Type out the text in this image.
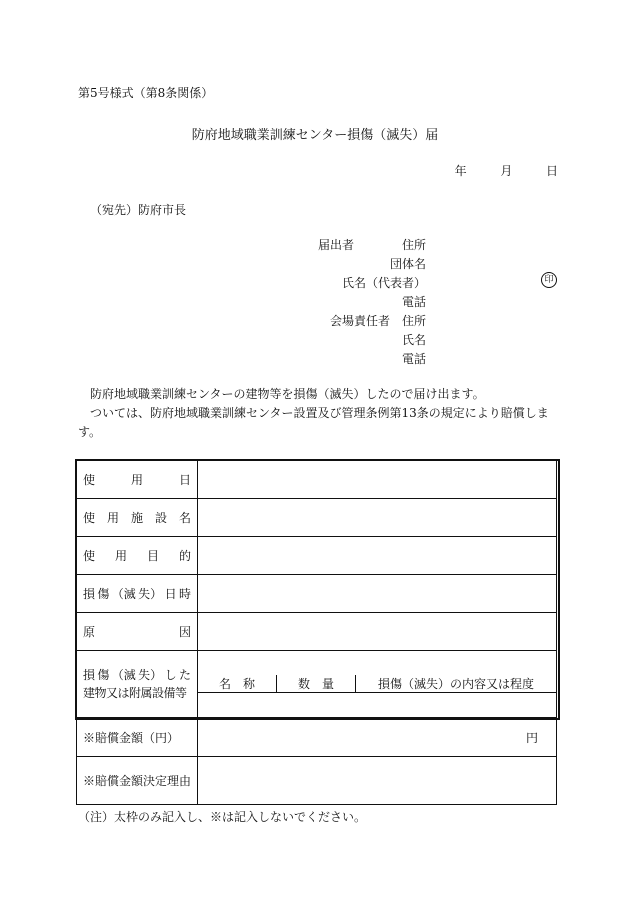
第5号様式（第8条関係）
防府地域職業訓練センター損傷（滅失）届
年	月	日
（宛先）防府市長
届出者	住所
団体名
氏名（代表者）	印
電話
会場責任者 住所
氏名
電話

防府地域職業訓練センターの建物等を損傷（滅失）したので届け出ます。

ついては、防府地域職業訓練センター設置及び管理条例第13条の規定により賠償します。

使	用	日

使 用 施 設 名

使 用 目 的

損 傷 （滅 失） 日 時

原	因

損 傷 （滅 失） し た
建物又は附属設備等

名　称	数　量	損傷（滅失）の内容又は程度

※賠償金額（円）	円
※賠償金額決定理由	
（注）太枠のみ記入し、※は記入しないでください。
